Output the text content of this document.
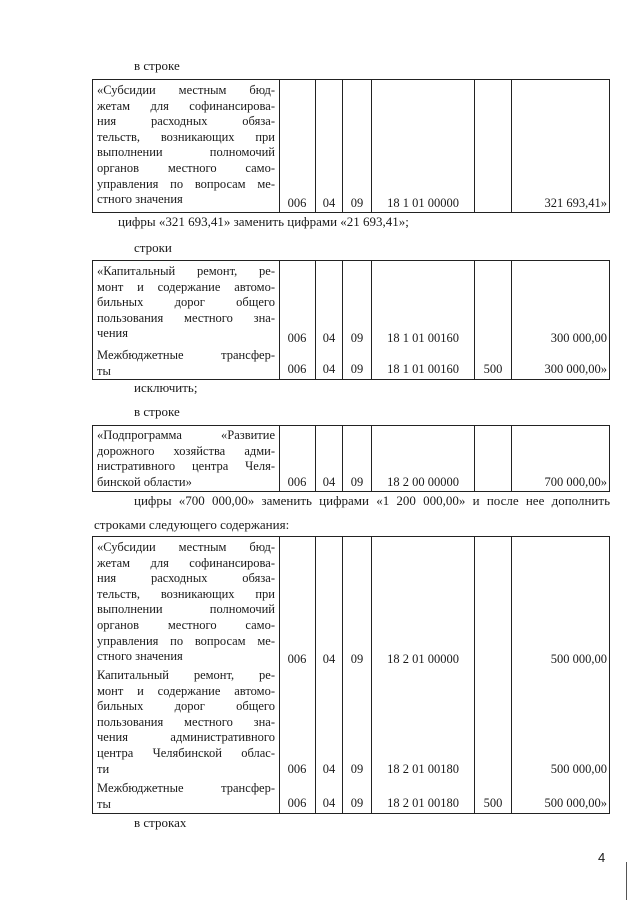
в строке
«Субсидии местным бюд-
жетам для софинансирова-
ния расходных обяза-
тельств, возникающих при
выполнении полномочий
органов местного само-
управления по вопросам ме-
стного значения	006	04	09	18 1 01 00000	321 693,41»
цифры «321 693,41» заменить цифрами «21 693,41»;
строки
«Капитальный ремонт, ре-
монт и содержание автомо-
бильных дорог общего
пользования местного зна-
чения	006	04	09	18 1 01 00160	300 000,00
Межбюджетные трансфер-
ты	006	04	09	18 1 01 00160	500	300 000,00»
исключить;
в строке
«Подпрограмма «Развитие
дорожного хозяйства адми-
нистративного центра Челя-
бинской области»	006	04	09	18 2 00 00000	700 000,00»
цифры «700 000,00» заменить цифрами «1 200 000,00» и после нее дополнить
строками следующего содержания:
«Субсидии местным бюд-
жетам для софинансирова-
ния расходных обяза-
тельств, возникающих при
выполнении полномочий
органов местного само-
управления по вопросам ме-
стного значения	006	04	09	18 2 01 00000	500 000,00
Капитальный ремонт, ре-
монт и содержание автомо-
бильных дорог общего
пользования местного зна-
чения административного
центра Челябинской облас-
ти	006	04	09	18 2 01 00180	500 000,00
Межбюджетные трансфер-
ты	006	04	09	18 2 01 00180	500	500 000,00»
в строках
4
